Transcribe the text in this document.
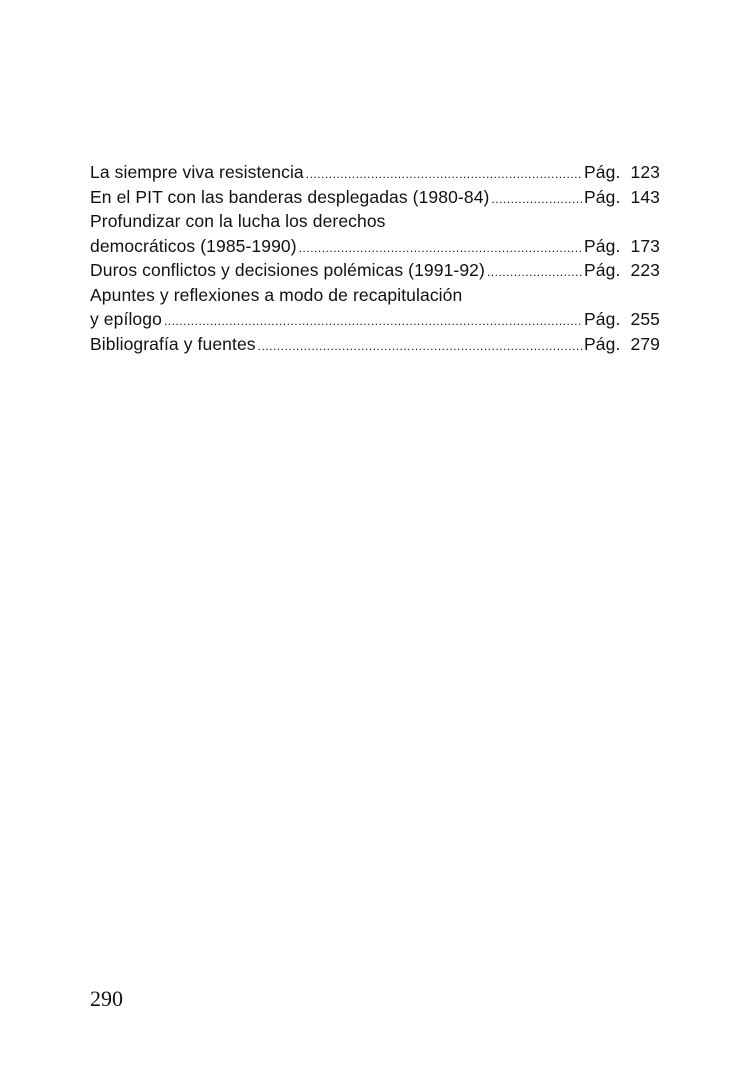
La siempre viva resistencia .....	Pág. 123
En el PIT con las banderas desplegadas (1980-84) .....	Pág. 143
Profundizar con la lucha los derechos
democráticos (1985-1990) .....	Pág. 173
Duros conflictos y decisiones polémicas (1991-92) .....	Pág. 223
Apuntes y reflexiones a modo de recapitulación
y epílogo .....	Pág. 255
Bibliografía y fuentes .....	Pág. 279
290
